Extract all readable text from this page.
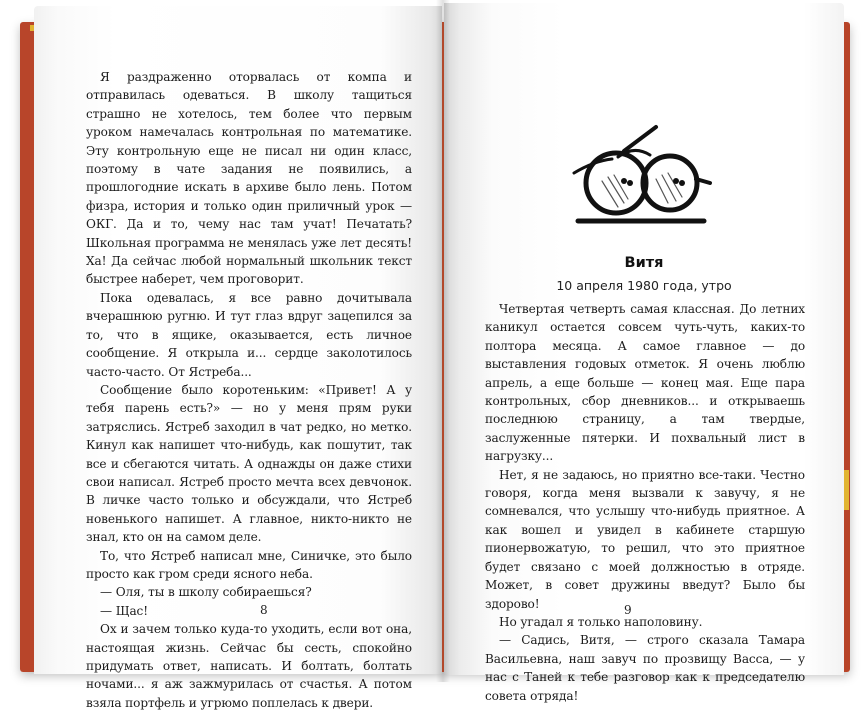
Я раздраженно оторвалась от компа и отправилась одеваться. В школу тащиться страшно не хотелось, тем более что первым уроком намечалась контрольная по математике. Эту контрольную еще не писал ни один класс, поэтому в чате задания не появились, а прошлогодние искать в архиве было лень. Потом физра, история и только один приличный урок — ОКГ. Да и то, чему нас там учат! Печатать? Школьная программа не менялась уже лет десять! Ха! Да сейчас любой нормальный школьник текст быстрее наберет, чем проговорит.

Пока одевалась, я все равно дочитывала вчерашнюю ругню. И тут глаз вдруг зацепился за то, что в ящике, оказывается, есть личное сообщение. Я открыла и... сердце заколотилось часто-часто. От Ястреба...

Сообщение было коротеньким: «Привет! А у тебя парень есть?» — но у меня прям руки затряслись. Ястреб заходил в чат редко, но метко. Кинул как напишет что-нибудь, как пошутит, так все и сбегаются читать. А однажды он даже стихи свои написал. Ястреб просто мечта всех девчонок. В личке часто только и обсуждали, что Ястреб новенького напишет. А главное, никто-никто не знал, кто он на самом деле.

То, что Ястреб написал мне, Синичке, это было просто как гром среди ясного неба.

— Оля, ты в школу собираешься?

— Щас!

Ох и зачем только куда-то уходить, если вот она, настоящая жизнь. Сейчас бы сесть, спокойно придумать ответ, написать. И болтать, болтать ночами... я аж зажмурилась от счастья. А потом взяла портфель и угрюмо поплелась к двери.

8
Витя
10 апреля 1980 года, утро

Четвертая четверть самая классная. До летних каникул остается совсем чуть-чуть, каких-то полтора месяца. А самое главное — до выставления годовых отметок. Я очень люблю апрель, а еще больше — конец мая. Еще пара контрольных, сбор дневников... и открываешь последнюю страницу, а там твердые, заслуженные пятерки. И похвальный лист в нагрузку...

Нет, я не задаюсь, но приятно все-таки. Честно говоря, когда меня вызвали к завучу, я не сомневался, что услышу что-нибудь приятное. А как вошел и увидел в кабинете старшую пионервожатую, то решил, что это приятное будет связано с моей должностью в отряде. Может, в совет дружины введут? Было бы здорово!

Но угадал я только наполовину.

— Садись, Витя, — строго сказала Тамара Васильевна, наш завуч по прозвищу Васса, — у нас с Таней к тебе разговор как к председателю совета отряда!

9
